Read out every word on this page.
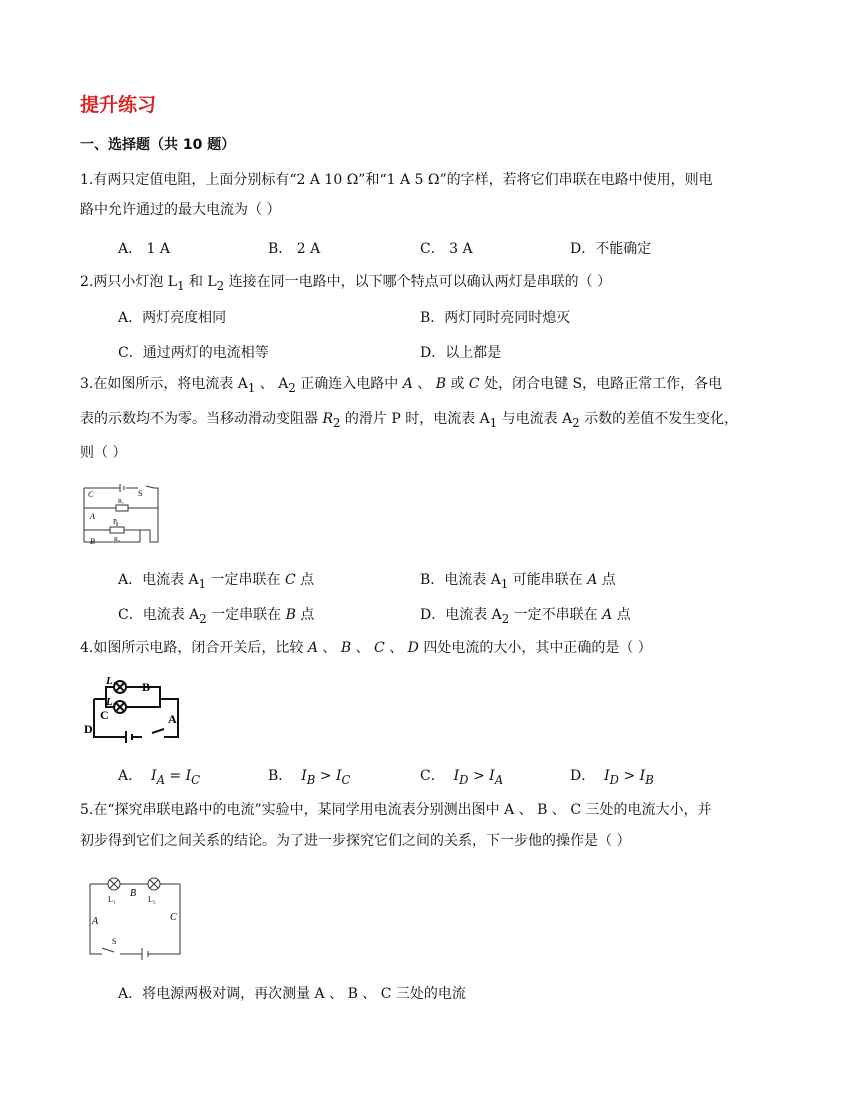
提升练习
一、选择题（共 10 题）
1.有两只定值电阻，上面分别标有“2 A 10 Ω”和“1 A 5 Ω”的字样，若将它们串联在电路中使用，则电
路中允许通过的最大电流为（ ）
A． 1 A	B． 2 A	C． 3 A	D．不能确定
2.两只小灯泡 $L_1$ 和 $L_2$ 连接在同一电路中，以下哪个特点可以确认两灯是串联的（ ）
A．两灯亮度相同	B．两灯同时亮同时熄灭
C．通过两灯的电流相等	D．以上都是
3.在如图所示，将电流表 $A_1$ 、 $A_2$ 正确连入电路中 A 、 B 或 C 处，闭合电键 S，电路正常工作，各电
表的示数均不为零。当移动滑动变阻器 $R_2$ 的滑片 P 时，电流表 $A_1$ 与电流表 $A_2$ 示数的差值不发生变化，
则（ ）
C	S
R₁
A
P
B	R₂
A．电流表 $A_1$ 一定串联在 C 点	B．电流表 $A_1$ 可能串联在 A 点
C．电流表 $A_2$ 一定串联在 B 点	D．电流表 $A_2$ 一定不串联在 A 点
4.如图所示电路，闭合开关后，比较 A 、 B 、 C 、 D 四处电流的大小，其中正确的是（ ）
L₁ B
L₂
C
D
A
A． $I_A = I_C$	B． $I_B > I_C$	C． $I_D > I_A$	D． $I_D > I_B$
5.在“探究串联电路中的电流”实验中，某同学用电流表分别测出图中 A 、 B 、 C 三处的电流大小，并
初步得到它们之间关系的结论。为了进一步探究它们之间的关系，下一步他的操作是（ ）
L₁	L₂
B
A	C
S
A．将电源两极对调，再次测量 A 、 B 、 C 三处的电流
